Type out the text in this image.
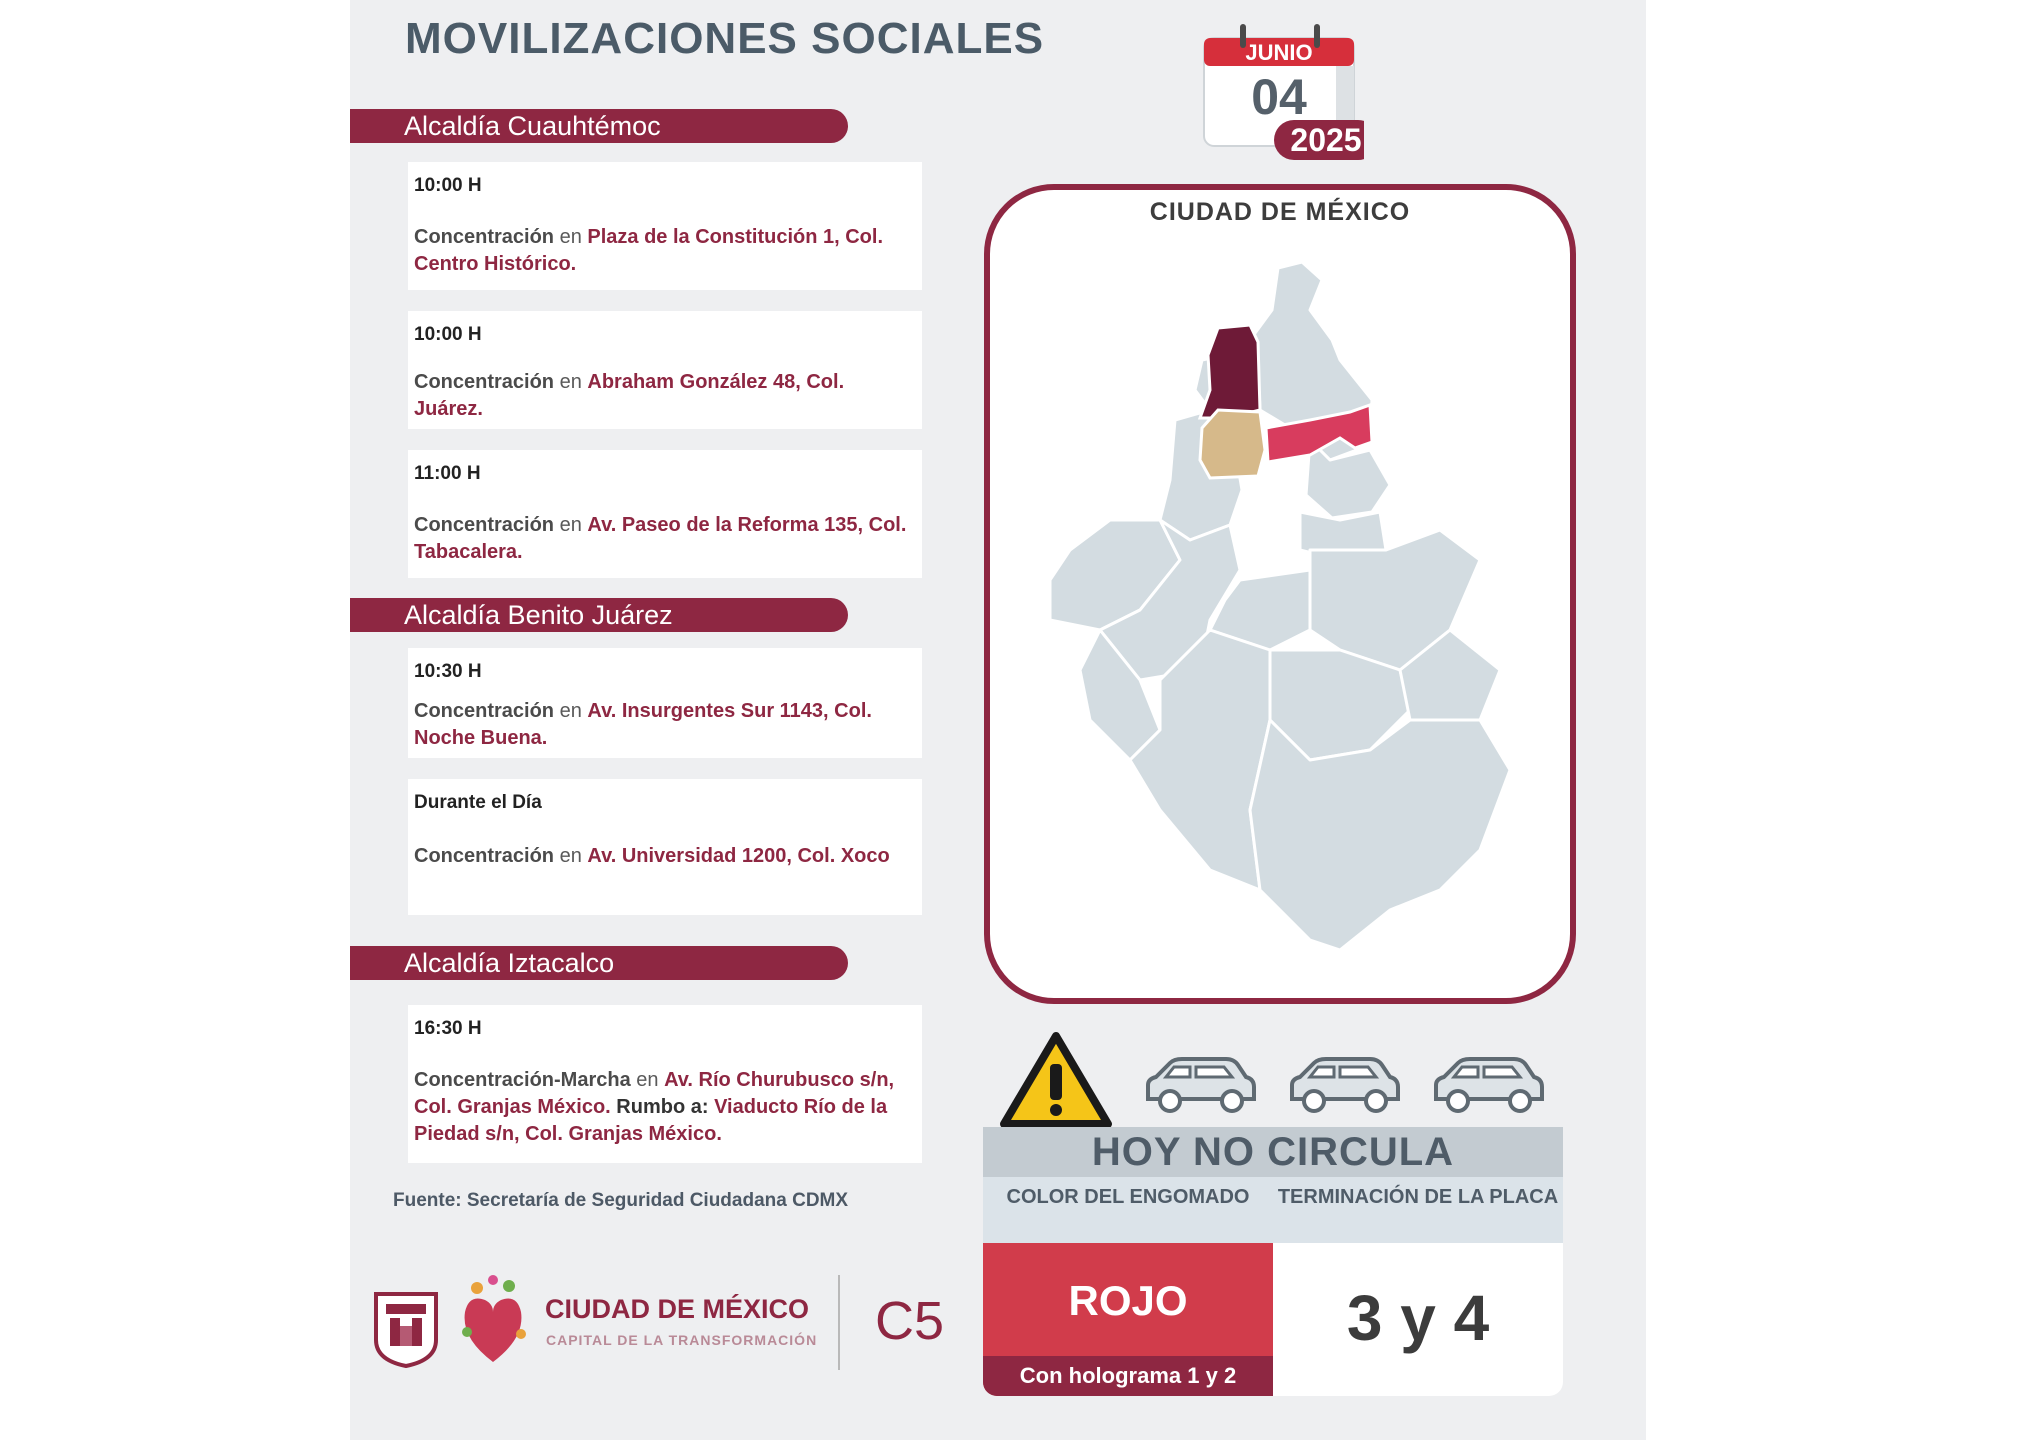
MOVILIZACIONES SOCIALES	JUNIO
04
2025
Alcaldía Cuauhtémoc
10:00 H
Concentración en Plaza de la Constitución 1, Col. Centro Histórico.
10:00 H
Concentración en Abraham González 48, Col. Juárez.
11:00 H
Concentración en Av. Paseo de la Reforma 135, Col. Tabacalera.
Alcaldía Benito Juárez
10:30 H
Concentración en Av. Insurgentes Sur 1143, Col. Noche Buena.
Durante el Día
Concentración en Av. Universidad 1200, Col. Xoco
Alcaldía Iztacalco
16:30 H
Concentración-Marcha en Av. Río Churubusco s/n, Col. Granjas México. Rumbo a: Viaducto Río de la Piedad s/n, Col. Granjas México.
Fuente: Secretaría de Seguridad Ciudadana CDMX
CIUDAD DE MÉXICO
HOY NO CIRCULA
COLOR DEL ENGOMADO	TERMINACIÓN DE LA PLACA
ROJO
Con holograma 1 y 2
3 y 4
CIUDAD DE MÉXICO
CAPITAL DE LA TRANSFORMACIÓN C5
